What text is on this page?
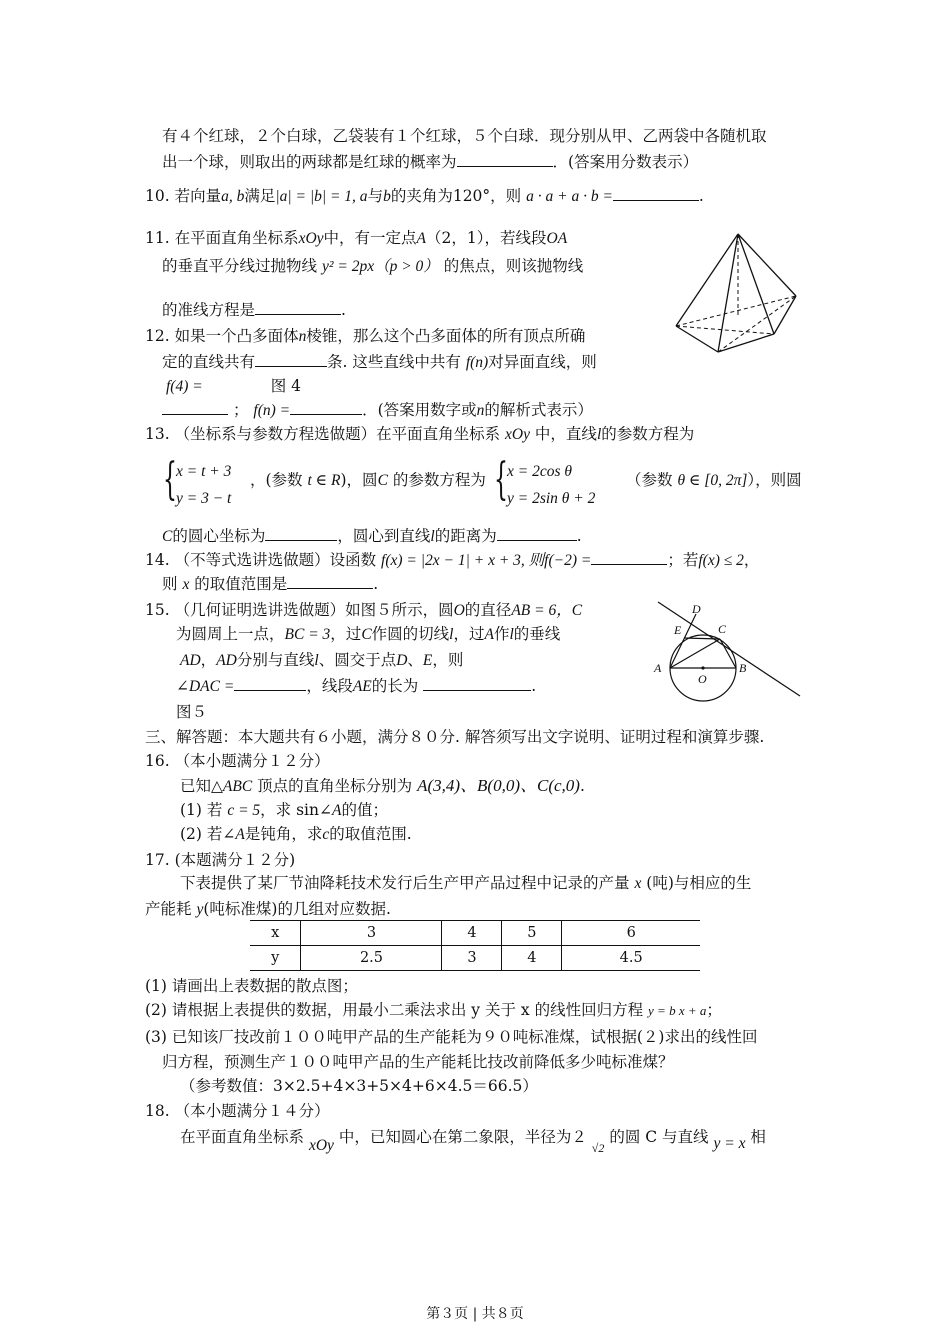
有４个红球，２个白球，乙袋装有１个红球，５个白球．现分别从甲、乙两袋中各随机取
出一个球，则取出的两球都是红球的概率为	．(答案用分数表示）
10. 若向量a, b满足|a| = |b| = 1, a与b的夹角为120°，则 a · a + a · b =	.
11. 在平面直角坐标系xOy中，有一定点A（2，1），若线段OA
的垂直平分线过抛物线 y² = 2px（p > 0） 的焦点，则该抛物线
的准线方程是	.
12. 如果一个凸多面体n棱锥，那么这个凸多面体的所有顶点所确
定的直线共有	条. 这些直线中共有 f(n)对异面直线，则
f(4) =	图 4
； f(n) =	．(答案用数字或n的解析式表示）
13. （坐标系与参数方程选做题）在平面直角坐标系 xOy 中，直线l的参数方程为
{ x = t + 3
y = 3 − t
，(参数 t ∈ R)，圆C 的参数方程为 { x = 2cos θ
y = 2sin θ + 2
（参数 θ ∈ [0, 2π]），则圆
C的圆心坐标为	，圆心到直线l的距离为	.
14. （不等式选讲选做题）设函数 f(x) = |2x − 1| + x + 3, 则f(−2) =	；若f(x) ≤ 2，
则 x 的取值范围是	.
15. （几何证明选讲选做题）如图５所示，圆O的直径AB = 6，C
为圆周上一点，BC = 3，过C作圆的切线l，过A作l的垂线
AD，AD分别与直线l、圆交于点D、E，则
∠DAC =	，线段AE的长为	.
图５
A	B
C
D
E
O
三、解答题：本大题共有６小题，满分８０分. 解答须写出文字说明、证明过程和演算步骤.
16. （本小题满分１２分）
已知△ABC 顶点的直角坐标分别为 A(3,4)、B(0,0)、C(c,0).
(1) 若 c = 5，求 sin∠A的值；
(2) 若∠A是钝角，求c的取值范围.
17. (本题满分１２分)
下表提供了某厂节油降耗技术发行后生产甲产品过程中记录的产量 x (吨)与相应的生
产能耗 y(吨标准煤)的几组对应数据.
x	3	4	5	6
y	2.5	3	4	4.5
(1) 请画出上表数据的散点图；
(2) 请根据上表提供的数据，用最小二乘法求出 y 关于 x 的线性回归方程 y = b x + a；
(3) 已知该厂技改前１００吨甲产品的生产能耗为９０吨标准煤，试根据(２)求出的线性回
归方程，预测生产１００吨甲产品的生产能耗比技改前降低多少吨标准煤？
（参考数值：3×2.5+4×3+5×4+6×4.5＝66.5）
18. （本小题满分１４分）
在平面直角坐标系 xOy 中，已知圆心在第二象限，半径为２ $_{√2}$ 的圆 C 与直线 y = x 相
第３页 | 共８页
